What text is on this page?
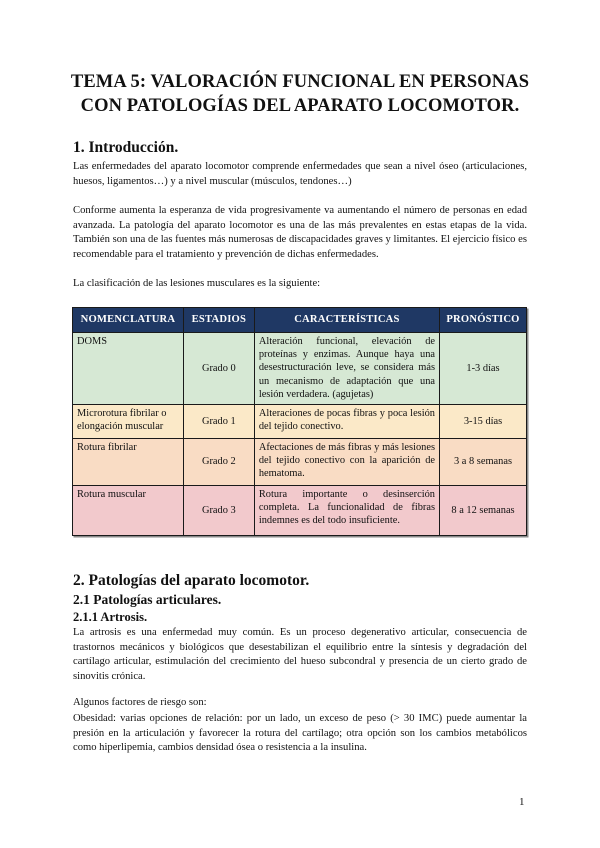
TEMA 5: VALORACIÓN FUNCIONAL EN PERSONAS
CON PATOLOGÍAS DEL APARATO LOCOMOTOR.
1. Introducción.
Las enfermedades del aparato locomotor comprende enfermedades que sean a nivel óseo (articulaciones, huesos, ligamentos…) y a nivel muscular (músculos, tendones…)
Conforme aumenta la esperanza de vida progresivamente va aumentando el número de personas en edad avanzada. La patología del aparato locomotor es una de las más prevalentes en estas etapas de la vida. También son una de las fuentes más numerosas de discapacidades graves y limitantes. El ejercicio físico es recomendable para el tratamiento y prevención de dichas enfermedades.
La clasificación de las lesiones musculares es la siguiente:
NOMENCLATURA	ESTADIOS	CARACTERÍSTICAS	PRONÓSTICO
DOMS	Grado 0	Alteración funcional, elevación de proteínas y enzimas. Aunque haya una desestructuración leve, se considera más un mecanismo de adaptación que una lesión verdadera. (agujetas)	1-3 días
Microrotura fibrilar o elongación muscular	Grado 1	Alteraciones de pocas fibras y poca lesión del tejido conectivo.	3-15 días
Rotura fibrilar	Grado 2	Afectaciones de más fibras y más lesiones del tejido conectivo con la aparición de hematoma.	3 a 8 semanas
Rotura muscular	Grado 3	Rotura importante o desinserción completa. La funcionalidad de fibras indemnes es del todo insuficiente.	8 a 12 semanas
2. Patologías del aparato locomotor.
2.1 Patologías articulares.
2.1.1 Artrosis.
La artrosis es una enfermedad muy común. Es un proceso degenerativo articular, consecuencia de trastornos mecánicos y biológicos que desestabilizan el equilibrio entre la síntesis y degradación del cartílago articular, estimulación del crecimiento del hueso subcondral y presencia de un cierto grado de sinovitis crónica.
Algunos factores de riesgo son:
Obesidad: varias opciones de relación: por un lado, un exceso de peso (> 30 IMC) puede aumentar la presión en la articulación y favorecer la rotura del cartílago; otra opción son los cambios metabólicos como hiperlipemia, cambios densidad ósea o resistencia a la insulina.
1
